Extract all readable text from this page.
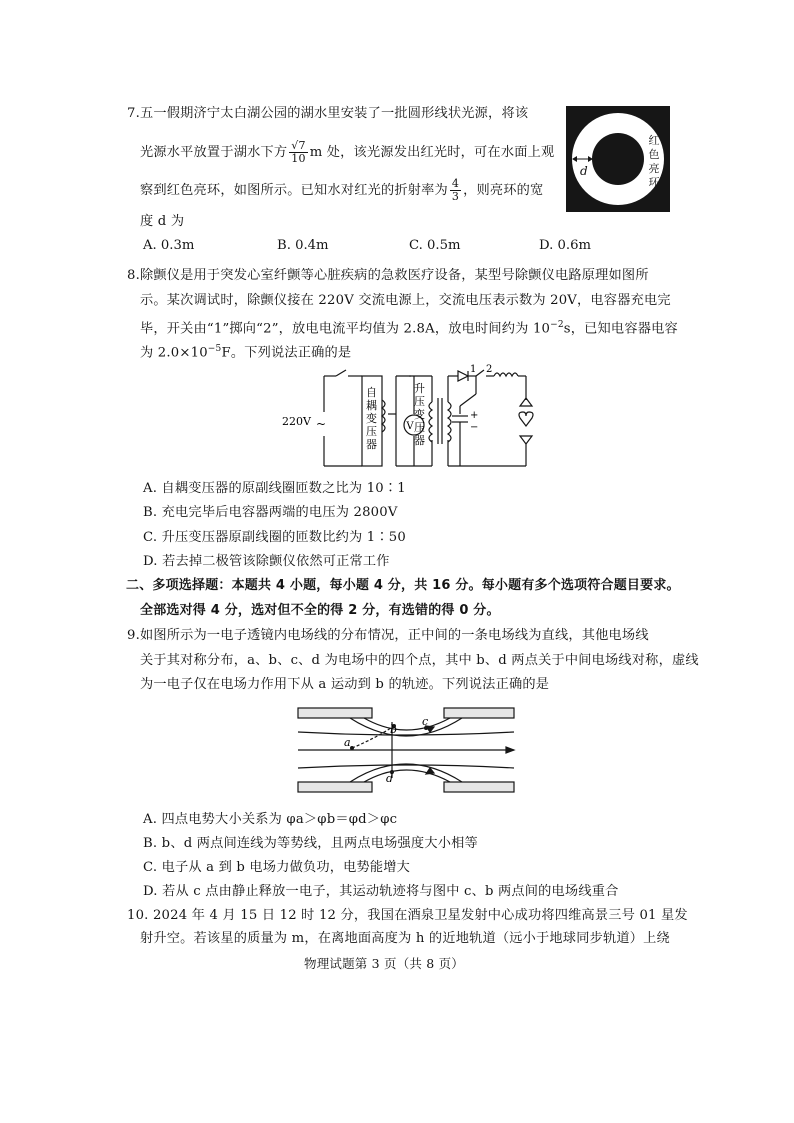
7.五一假期济宁太白湖公园的湖水里安装了一批圆形线状光源，将该
光源水平放置于湖水下方 $\frac{√7}{10}$ m 处，该光源发出红光时，可在水面上观
察到红色亮环，如图所示。已知水对红光的折射率为 $\frac{4}{3}$ ，则亮环的宽
度 d 为
A. 0.3m	B. 0.4m	C. 0.5m	D. 0.6m
d
红色亮环
8.除颤仪是用于突发心室纤颤等心脏疾病的急救医疗设备，某型号除颤仪电路原理如图所
示。某次调试时，除颤仪接在 220V 交流电源上，交流电压表示数为 20V，电容器充电完
毕，开关由“1”掷向“2”，放电电流平均值为 2.8A，放电时间约为 $10^{-2}s$，已知电容器电容
为 $2.0\times 10^{-5}F$。下列说法正确的是
220V ~	V
自耦变压器
升压变压器
1 2
+
−
A. 自耦变压器的原副线圈匝数之比为 10∶1
B. 充电完毕后电容器两端的电压为 2800V
C. 升压变压器原副线圈的匝数比约为 1∶50
D. 若去掉二极管该除颤仪依然可正常工作
二、多项选择题：本题共 4 小题，每小题 4 分，共 16 分。每小题有多个选项符合题目要求。
全部选对得 4 分，选对但不全的得 2 分，有选错的得 0 分。
9.如图所示为一电子透镜内电场线的分布情况，正中间的一条电场线为直线，其他电场线
关于其对称分布，a、b、c、d 为电场中的四个点，其中 b、d 两点关于中间电场线对称，虚线
为一电子仅在电场力作用下从 a 运动到 b 的轨迹。下列说法正确的是
a
b
c
d
A. 四点电势大小关系为 φa＞φb＝φd＞φc
B. b、d 两点间连线为等势线，且两点电场强度大小相等
C. 电子从 a 到 b 电场力做负功，电势能增大
D. 若从 c 点由静止释放一电子，其运动轨迹将与图中 c、b 两点间的电场线重合
10. 2024 年 4 月 15 日 12 时 12 分，我国在酒泉卫星发射中心成功将四维高景三号 01 星发
射升空。若该星的质量为 m，在离地面高度为 h 的近地轨道（远小于地球同步轨道）上绕
物理试题第 3 页（共 8 页）
